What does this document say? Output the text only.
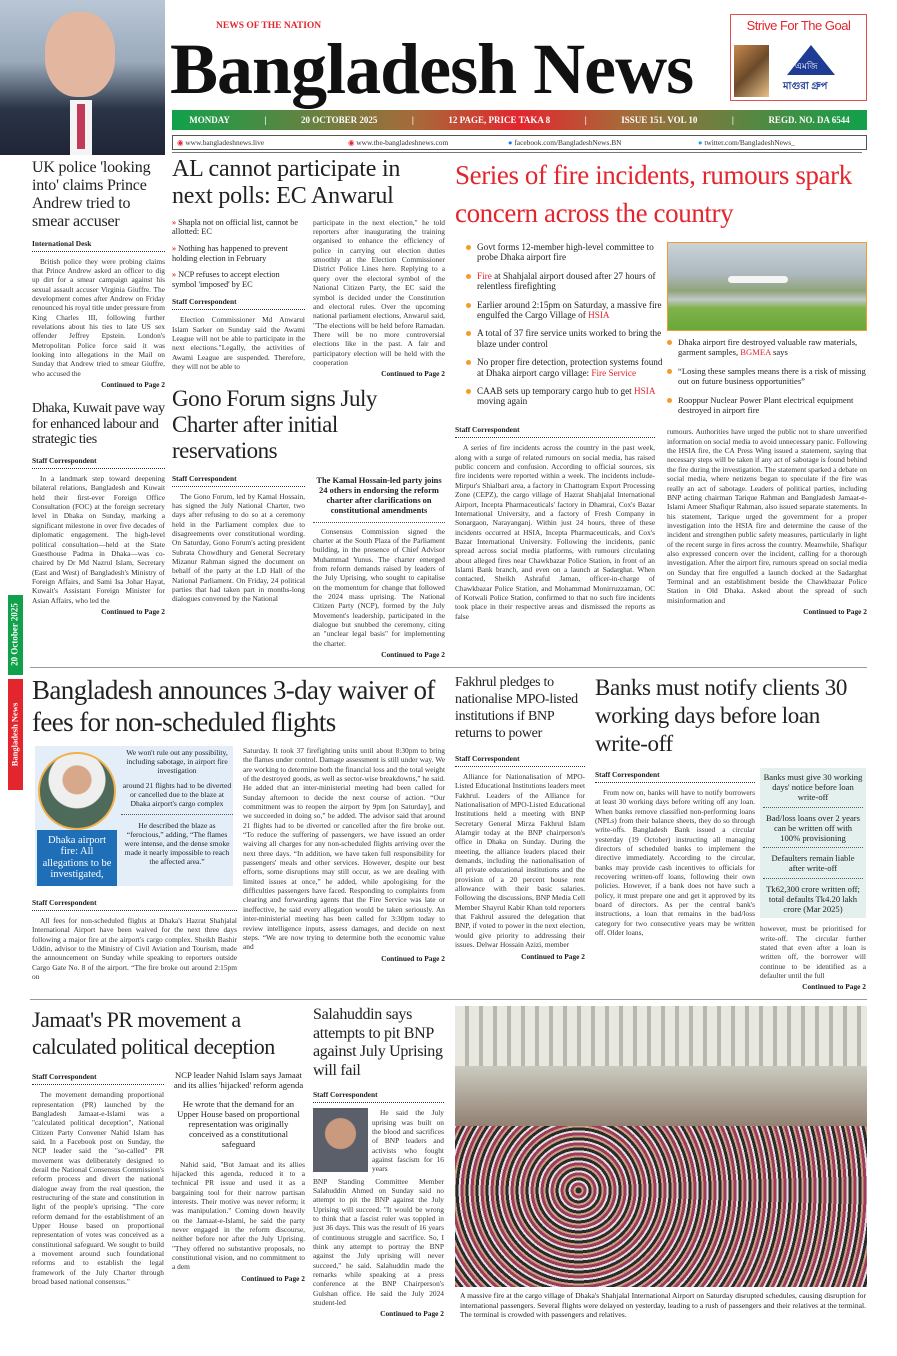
NEWS OF THE NATION
Bangladesh News
Strive For The Goal
এমজি
মাগুরা গ্রুপ
MONDAY	|	20 OCTOBER 2025	|	12 PAGE, PRICE TAKA 8	|	ISSUE 151. VOL 10	|	REGD. NO. DA 6544
◉ www.bangladeshnews.live	◉ www.the-bangladeshnews.com	● facebook.com/BangladeshNews.BN	● twitter.com/BangladeshNews_
20 October 2025
Bangladesh News
UK police 'looking into' claims Prince Andrew tried to smear accuser
International Desk

British police they were probing claims that Prince Andrew asked an officer to dig up dirt for a smear campaign against his sexual assault accuser Virginia Giuffre. The development comes after Andrew on Friday renounced his royal title under pressure from King Charles III, following further revelations about his ties to late US sex offender Jeffrey Epstein. London's Metropolitan Police force said it was looking into allegations in the Mail on Sunday that Andrew tried to smear Giuffre, who accused the

Continued to Page 2
Dhaka, Kuwait pave way for enhanced labour and strategic ties
Staff Correspondent

In a landmark step toward deepening bilateral relations, Bangladesh and Kuwait held their first-ever Foreign Office Consultation (FOC) at the foreign secretary level in Dhaka on Sunday, marking a significant milestone in over five decades of diplomatic engagement. The high-level political consultation—held at the State Guesthouse Padma in Dhaka—was co-chaired by Dr Md Nazrul Islam, Secretary (East and West) of Bangladesh's Ministry of Foreign Affairs, and Sami Isa Johar Hayat, Kuwait's Assistant Foreign Minister for Asian Affairs, who led the

Continued to Page 2
AL cannot participate in next polls: EC Anwarul
» Shapla not on official list, cannot be allotted: EC
» Nothing has happened to prevent holding election in February
» NCP refuses to accept election symbol 'imposed' by EC
Staff Correspondent

Election Commissioner Md Anwarul Islam Sarker on Sunday said the Awami League will not be able to participate in the next elections."Legally, the activities of Awami League are suspended. Therefore, they will not be able to

participate in the next election," he told reporters after inaugurating the training organised to enhance the efficiency of police in carrying out election duties smoothly at the Election Commissioner District Police Lines here. Replying to a query over the electoral symbol of the National Citizen Party, the EC said the symbol is decided under the Constitution and electoral rules. Over the upcoming national parliament elections, Anwarul said, "The elections will be held before Ramadan. There will be no more controversial elections like in the past. A fair and participatory election will be held with the cooperation

Continued to Page 2
Gono Forum signs July Charter after initial reservations
Staff Correspondent

The Gono Forum, led by Kamal Hossain, has signed the July National Charter, two days after refusing to do so at a ceremony held in the Parliament complex due to disagreements over constitutional wording. On Saturday, Gono Forum's acting president Subrata Chowdhury and General Secretary Mizanur Rahman signed the document on behalf of the party at the LD Hall of the National Parliament. On Friday, 24 political parties that had taken part in months-long dialogues convened by the National

The Kamal Hossain-led party joins 24 others in endorsing the reform charter after clarifications on constitutional amendments

Consensus Commission signed the charter at the South Plaza of the Parliament building, in the presence of Chief Advisor Muhammad Yunus. The charter emerged from reform demands raised by leaders of the July Uprising, who sought to capitalise on the momentum for change that followed the 2024 mass uprising. The National Citizen Party (NCP), formed by the July Movement's leadership, participated in the dialogue but snubbed the ceremony, citing an "unclear legal basis" for implementing the charter.

Continued to Page 2
Series of fire incidents, rumours spark concern across the country
Govt forms 12-member high-level committee to probe Dhaka airport fire
Fire at Shahjalal airport doused after 27 hours of relentless firefighting
Earlier around 2:15pm on Saturday, a massive fire engulfed the Cargo Village of HSIA
A total of 37 fire service units worked to bring the blaze under control
No proper fire detection, protection systems found at Dhaka airport cargo village: Fire Service
CAAB sets up temporary cargo hub to get HSIA moving again
Dhaka airport fire destroyed valuable raw materials, garment samples, BGMEA says
“Losing these samples means there is a risk of missing out on future business opportunities”
Rooppur Nuclear Power Plant electrical equipment destroyed in airport fire
Staff Correspondent

A series of fire incidents across the country in the past week, along with a surge of related rumours on social media, has raised public concern and confusion. According to official sources, six fire incidents were reported within a week. The incidents include- Mirpur's Shialbari area, a factory in Chattogram Export Processing Zone (CEPZ), the cargo village of Hazrat Shahjalal International Airport, Incepta Pharmaceuticals' factory in Dhamrai, Cox's Bazar International University, and a factory of Fresh Company in Sonargaon, Narayanganj. Within just 24 hours, three of these incidents occurred at HSIA, Incepta Pharmaceuticals, and Cox's Bazar International University. Following the incidents, panic spread across social media platforms, with rumours circulating about alleged fires near Chawkbazar Police Station, in front of an Islami Bank branch, and even on a launch at Sadarghat. When contacted, Sheikh Ashraful Jaman, officer-in-charge of Chawkbazar Police Station, and Mohammad Monirruzzaman, OC of Kotwali Police Station, confirmed to that no such fire incidents took place in their respective areas and dismissed the reports as false

rumours. Authorities have urged the public not to share unverified information on social media to avoid unnecessary panic. Following the HSIA fire, the CA Press Wing issued a statement, saying that necessary steps will be taken if any act of sabotage is found behind the fire during the investigation. The statement sparked a debate on social media, where netizens began to speculate if the fire was really an act of sabotage. Leaders of political parties, including BNP acting chairman Tarique Rahman and Bangladesh Jamaat-e-Islami Ameer Shafiqur Rahman, also issued separate statements. In his statement, Tarique urged the government for a proper investigation into the HSIA fire and determine the cause of the incident and strengthen public safety measures, particularly in light of the recent surge in fires across the country. Meanwhile, Shafiqur also expressed concern over the incident, calling for a thorough investigation. After the airport fire, rumours spread on social media on Sunday that fire engulfed a launch docked at the Sadarghat Terminal and an establishment beside the Chawkbazar Police Station in Old Dhaka. Asked about the spread of such misinformation and

Continued to Page 2
Bangladesh announces 3-day waiver of fees for non-scheduled flights
Dhaka airport fire: All allegations to be investigated,
We won't rule out any possibility, including sabotage, in airport fire investigation
around 21 flights had to be diverted or cancelled due to the blaze at Dhaka airport's cargo complex
He described the blaze as “ferocious,” adding, “The flames were intense, and the dense smoke made it nearly impossible to reach the affected area.”
Staff Correspondent

All fees for non-scheduled flights at Dhaka's Hazrat Shahjalal International Airport have been waived for the next three days following a major fire at the airport's cargo complex. Sheikh Bashir Uddin, advisor to the Ministry of Civil Aviation and Tourism, made the announcement on Sunday while speaking to reporters outside Cargo Gate No. 8 of the airport. “The fire broke out around 2:15pm on

Saturday. It took 37 firefighting units until about 8:30pm to bring the flames under control. Damage assessment is still under way. We are working to determine both the financial loss and the total weight of the destroyed goods, as well as sector-wise breakdowns,” he said. He added that an inter-ministerial meeting had been called for Sunday afternoon to decide the next course of action. “Our commitment was to reopen the airport by 9pm [on Saturday], and we succeeded in doing so,” he added. The advisor said that around 21 flights had to be diverted or cancelled after the fire broke out. “To reduce the suffering of passengers, we have issued an order waiving all charges for any non-scheduled flights arriving over the next three days. “In addition, we have taken full responsibility for passengers' meals and other services. However, despite our best efforts, some disruptions may still occur, as we are dealing with limited issues at once,” he added, while apologising for the difficulties passengers have faced. Responding to complaints from clearing and forwarding agents that the Fire Service was late or ineffective, he said every allegation would be taken seriously. An inter-ministerial meeting has been called for 3:30pm today to review intelligence inputs, assess damages, and decide on next steps. “We are now trying to determine both the economic value and

Continued to Page 2
Fakhrul pledges to nationalise MPO-listed institutions if BNP returns to power
Staff Correspondent

Alliance for Nationalisation of MPO-Listed Educational Institutions leaders meet Fakhrul. Leaders of the Alliance for Nationalisation of MPO-Listed Educational Institutions held a meeting with BNP Secretary General Mirza Fakhrul Islam Alamgir today at the BNP chairperson's office in Dhaka on Sunday. During the meeting, the alliance leaders placed their demands, including the nationalisation of all private educational institutions and the provision of a 20 percent house rent allowance with their basic salaries. Following the discussions, BNP Media Cell Member Shayrul Kabir Khan told reporters that Fakhrul assured the delegation that BNP, if voted to power in the next election, would give priority to addressing their issues. Delwar Hossain Azizi, member

Continued to Page 2
Banks must notify clients 30 working days before loan write-off
Staff Correspondent

From now on, banks will have to notify borrowers at least 30 working days before writing off any loan. When banks remove classified non-performing loans (NPLs) from their balance sheets, they do so through write-offs. Bangladesh Bank issued a circular yesterday (19 October) instructing all managing directors of scheduled banks to implement the directive immediately. According to the circular, banks may provide cash incentives to officials for recovering written-off loans, following their own policies. However, if a bank does not have such a policy, it must prepare one and get it approved by its board of directors. As per the central bank's instructions, a loan that remains in the bad/loss category for two consecutive years may be written off. Older loans,

Banks must give 30 working days' notice before loan write-off
Bad/loss loans over 2 years can be written off with 100% provisioning
Defaulters remain liable after write-off
Tk62,300 crore written off; total defaults Tk4.20 lakh crore (Mar 2025)

however, must be prioritised for write-off. The circular further stated that even after a loan is written off, the borrower will continue to be identified as a defaulter until the full

Continued to Page 2
Jamaat's PR movement a calculated political deception
Staff Correspondent

The movement demanding proportional representation (PR) launched by the Bangladesh Jamaat-e-Islami was a "calculated political deception", National Citizen Party Convener Nahid Islam has said. In a Facebook post on Sunday, the NCP leader said the "so-called" PR movement was deliberately designed to derail the National Consensus Commission's reform process and divert the national dialogue away from the real question, the restructuring of the state and constitution in light of the people's uprising. "The core reform demand for the establishment of an Upper House based on proportional representation of votes was conceived as a constitutional safeguard. We sought to build a movement around such foundational reforms and to establish the legal framework of the July Charter through broad based national consensus."

NCP leader Nahid Islam says Jamaat and its allies 'hijacked' reform agenda
He wrote that the demand for an Upper House based on proportional representation was originally conceived as a constitutional safeguard

Nahid said, "But Jamaat and its allies hijacked this agenda, reduced it to a technical PR issue and used it as a bargaining tool for their narrow partisan interests. Their motive was never reform; it was manipulation." Coming down heavily on the Jamaat-e-Islami, he said the party never engaged in the reform discourse, neither before nor after the July Uprising. "They offered no substantive proposals, no constitutional vision, and no commitment to a dem

Continued to Page 2
Salahuddin says attempts to pit BNP against July Uprising will fail
Staff Correspondent

He said the July uprising was built on the blood and sacrifices of BNP leaders and activists who fought against fascism for 16 years

BNP Standing Committee Member Salahuddin Ahmed on Sunday said no attempt to pit the BNP against the July Uprising will succeed. "It would be wrong to think that a fascist ruler was toppled in just 36 days. This was the result of 16 years of continuous struggle and sacrifice. So, I think any attempt to portray the BNP against the July uprising will never succeed," he said. Salahuddin made the remarks while speaking at a press conference at the BNP Chairperson's Gulshan office. He said the July 2024 student-led

Continued to Page 2
A massive fire at the cargo village of Dhaka's Shahjalal International Airport on Saturday disrupted schedules, causing disruption for international passengers. Several flights were delayed on yesterday, leading to a rush of passengers and their relatives at the terminal. The terminal is crowded with passengers and relatives.
